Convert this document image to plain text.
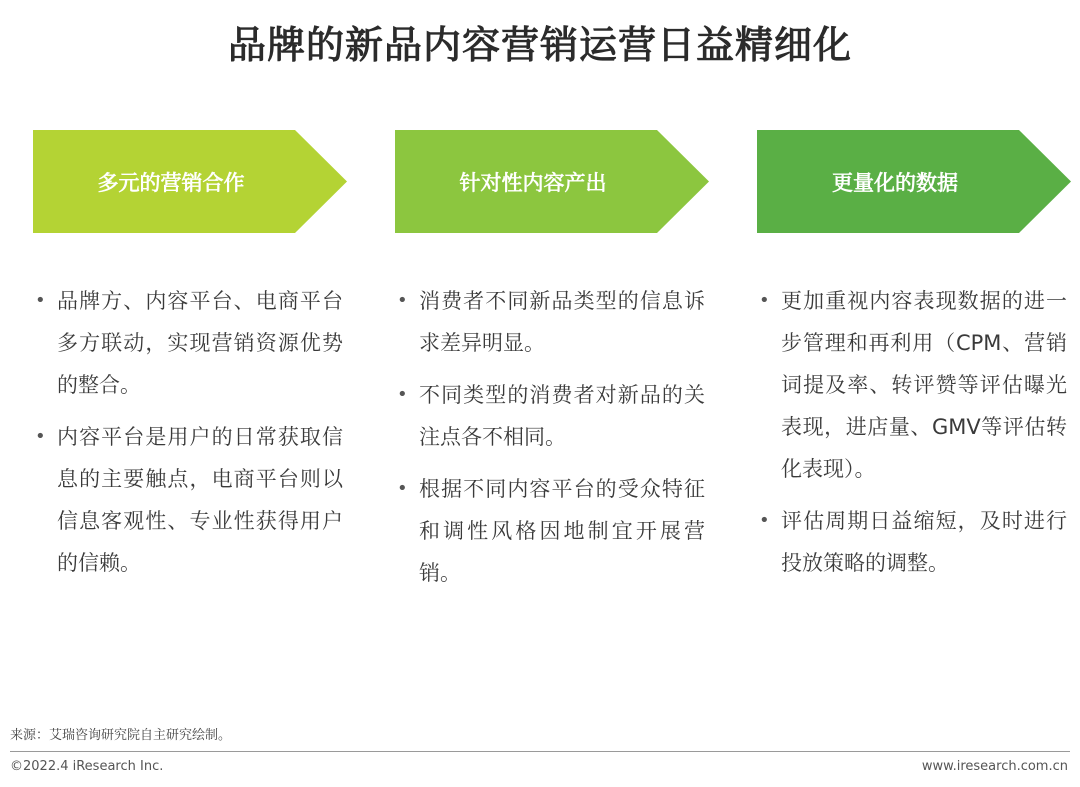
品牌的新品内容营销运营日益精细化
多元的营销合作
• 品牌方、内容平台、电商平台多方联动，实现营销资源优势的整合。
• 内容平台是用户的日常获取信息的主要触点，电商平台则以信息客观性、专业性获得用户的信赖。
针对性内容产出
• 消费者不同新品类型的信息诉求差异明显。
• 不同类型的消费者对新品的关注点各不相同。
• 根据不同内容平台的受众特征和调性风格因地制宜开展营销。
更量化的数据
• 更加重视内容表现数据的进一步管理和再利用（CPM、营销词提及率、转评赞等评估曝光表现，进店量、GMV等评估转化表现）。
• 评估周期日益缩短，及时进行投放策略的调整。
来源：艾瑞咨询研究院自主研究绘制。
©2022.4 iResearch Inc.	www.iresearch.com.cn
